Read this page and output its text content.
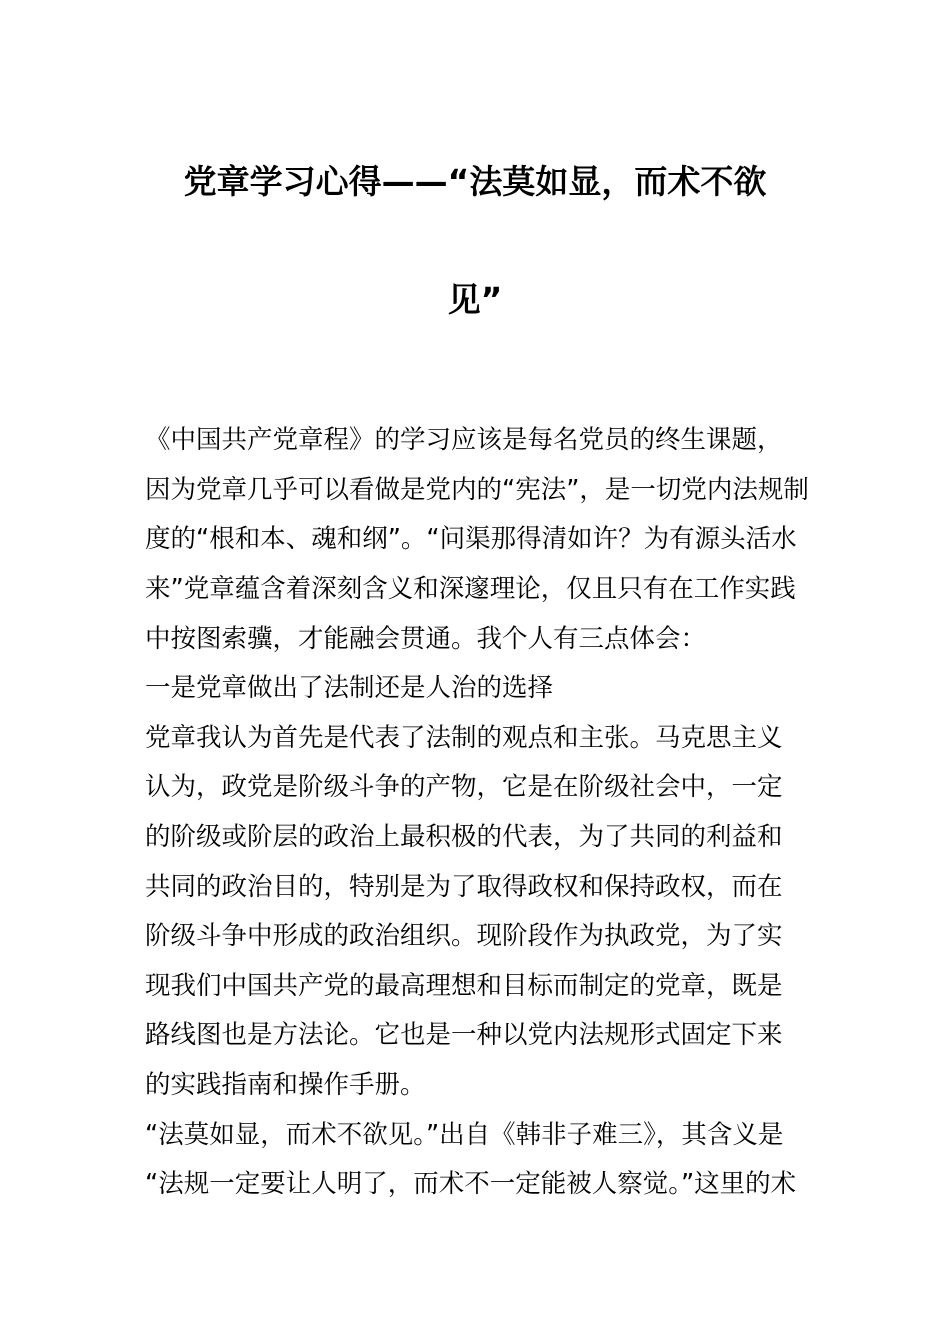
党章学习心得——“法莫如显，而术不欲
见”
《中国共产党章程》的学习应该是每名党员的终生课题，
因为党章几乎可以看做是党内的“宪法”，是一切党内法规制
度的“根和本、魂和纲”。“问渠那得清如许？为有源头活水
来”党章蕴含着深刻含义和深邃理论，仅且只有在工作实践
中按图索骥，才能融会贯通。我个人有三点体会：
一是党章做出了法制还是人治的选择
党章我认为首先是代表了法制的观点和主张。马克思主义
认为，政党是阶级斗争的产物，它是在阶级社会中，一定
的阶级或阶层的政治上最积极的代表，为了共同的利益和
共同的政治目的，特别是为了取得政权和保持政权，而在
阶级斗争中形成的政治组织。现阶段作为执政党，为了实
现我们中国共产党的最高理想和目标而制定的党章，既是
路线图也是方法论。它也是一种以党内法规形式固定下来
的实践指南和操作手册。
“法莫如显，而术不欲见。”出自《韩非子难三》，其含义是
“法规一定要让人明了，而术不一定能被人察觉。”这里的术
